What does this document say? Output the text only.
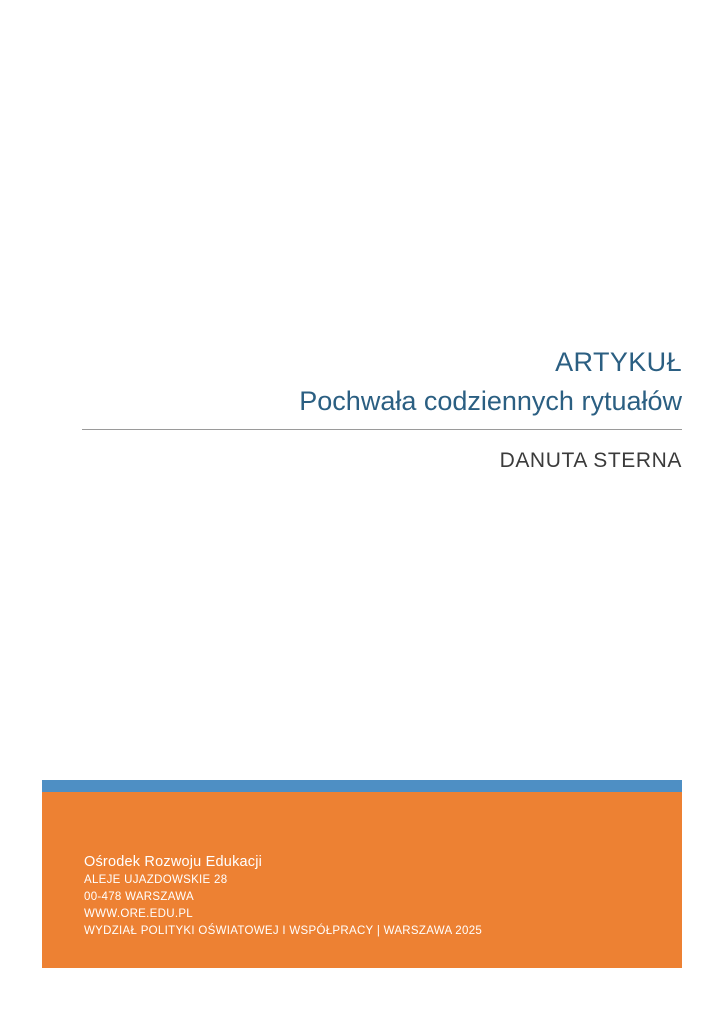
ARTYKUŁ
Pochwała codziennych rytuałów
DANUTA STERNA
Ośrodek Rozwoju Edukacji
ALEJE UJAZDOWSKIE 28
00-478 WARSZAWA
WWW.ORE.EDU.PL
WYDZIAŁ POLITYKI OŚWIATOWEJ I WSPÓŁPRACY | WARSZAWA 2025
